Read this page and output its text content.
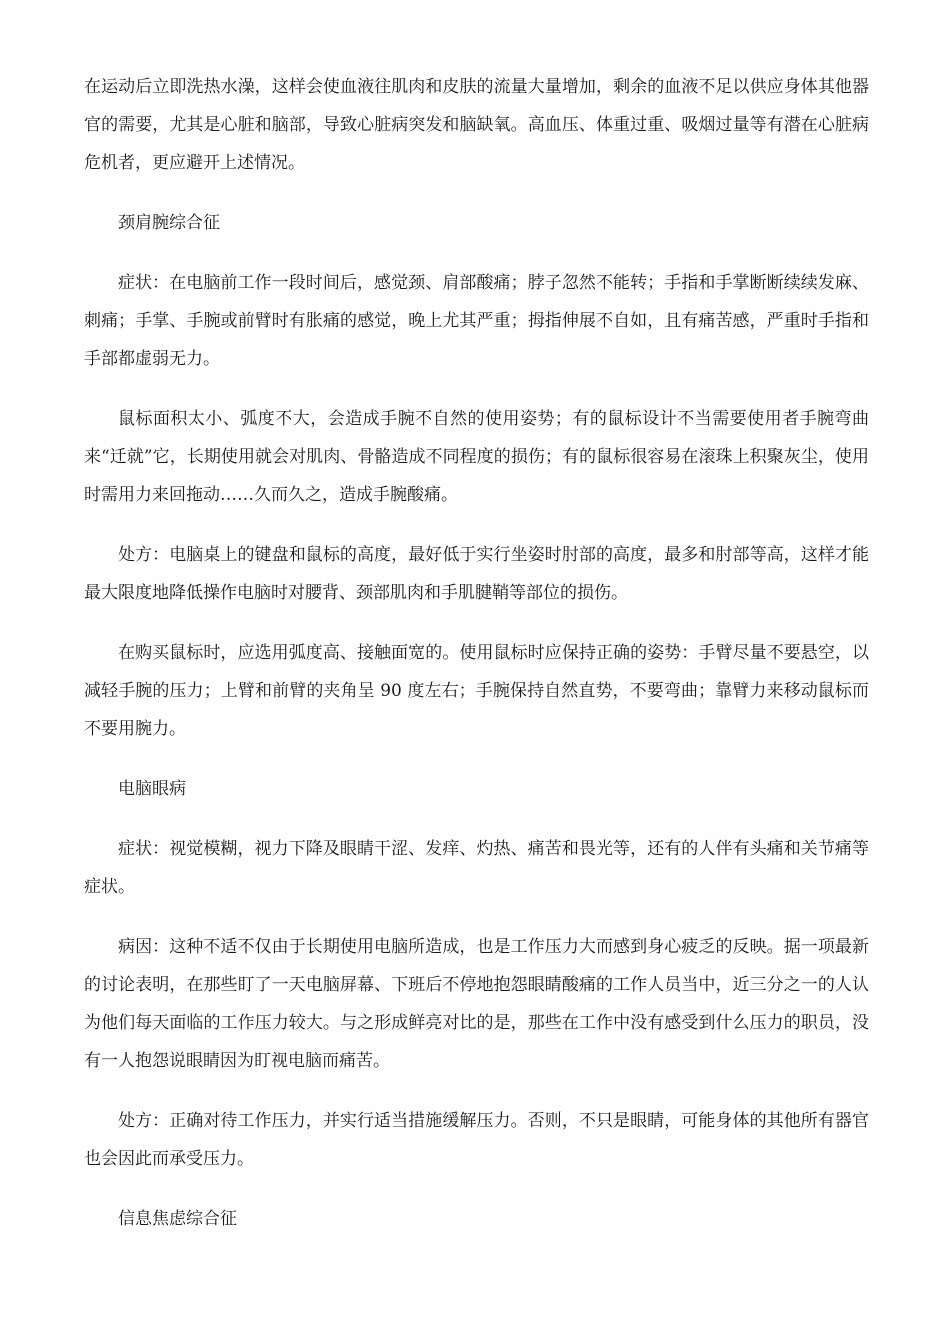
在运动后立即洗热水澡，这样会使血液往肌肉和皮肤的流量大量增加，剩余的血液不足以供应身体其他器官的需要，尤其是心脏和脑部，导致心脏病突发和脑缺氧。高血压、体重过重、吸烟过量等有潜在心脏病危机者，更应避开上述情况。

颈肩腕综合征

症状：在电脑前工作一段时间后，感觉颈、肩部酸痛；脖子忽然不能转；手指和手掌断断续续发麻、刺痛；手掌、手腕或前臂时有胀痛的感觉，晚上尤其严重；拇指伸展不自如，且有痛苦感，严重时手指和手部都虚弱无力。

鼠标面积太小、弧度不大，会造成手腕不自然的使用姿势；有的鼠标设计不当需要使用者手腕弯曲来“迁就”它，长期使用就会对肌肉、骨骼造成不同程度的损伤；有的鼠标很容易在滚珠上积聚灰尘，使用时需用力来回拖动……久而久之，造成手腕酸痛。

处方：电脑桌上的键盘和鼠标的高度，最好低于实行坐姿时肘部的高度，最多和肘部等高，这样才能最大限度地降低操作电脑时对腰背、颈部肌肉和手肌腱鞘等部位的损伤。

在购买鼠标时，应选用弧度高、接触面宽的。使用鼠标时应保持正确的姿势：手臂尽量不要悬空，以减轻手腕的压力；上臂和前臂的夹角呈 90 度左右；手腕保持自然直势，不要弯曲；靠臂力来移动鼠标而不要用腕力。

电脑眼病

症状：视觉模糊，视力下降及眼睛干涩、发痒、灼热、痛苦和畏光等，还有的人伴有头痛和关节痛等症状。

病因：这种不适不仅由于长期使用电脑所造成，也是工作压力大而感到身心疲乏的反映。据一项最新的讨论表明，在那些盯了一天电脑屏幕、下班后不停地抱怨眼睛酸痛的工作人员当中，近三分之一的人认为他们每天面临的工作压力较大。与之形成鲜亮对比的是，那些在工作中没有感受到什么压力的职员，没有一人抱怨说眼睛因为盯视电脑而痛苦。

处方：正确对待工作压力，并实行适当措施缓解压力。否则，不只是眼睛，可能身体的其他所有器官也会因此而承受压力。

信息焦虑综合征
